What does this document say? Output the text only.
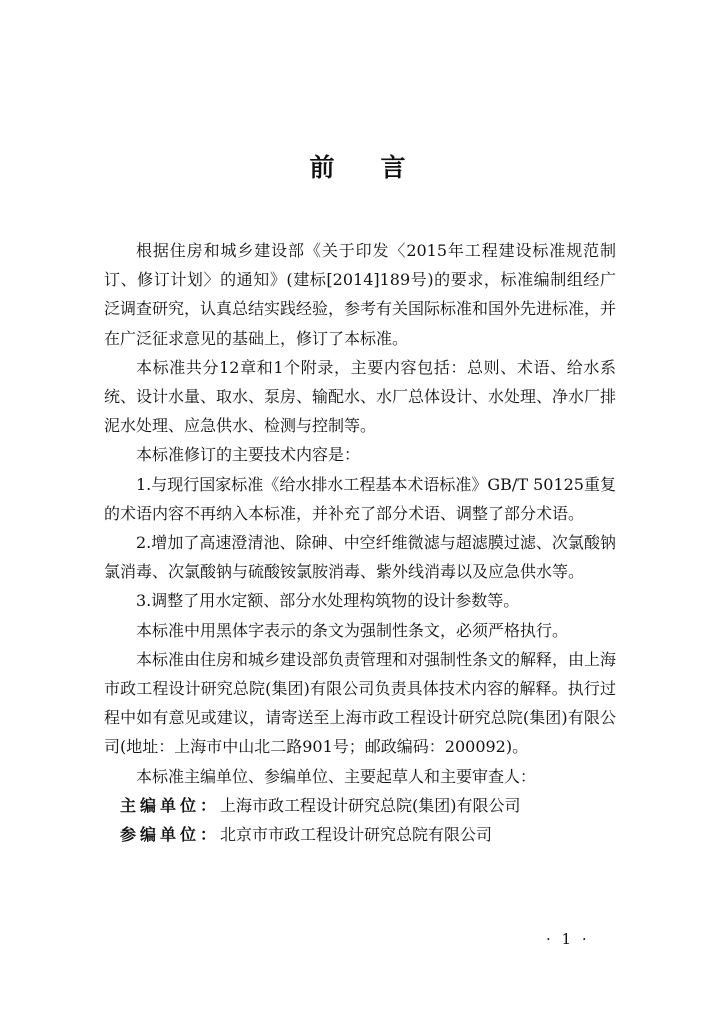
前 言

根据住房和城乡建设部《关于印发〈2015年工程建设标准规范制订、修订计划〉的通知》(建标[2014]189号)的要求，标准编制组经广泛调查研究，认真总结实践经验，参考有关国际标准和国外先进标准，并在广泛征求意见的基础上，修订了本标准。

本标准共分12章和1个附录，主要内容包括：总则、术语、给水系统、设计水量、取水、泵房、输配水、水厂总体设计、水处理、净水厂排泥水处理、应急供水、检测与控制等。

本标准修订的主要技术内容是：

1.与现行国家标准《给水排水工程基本术语标准》GB/T 50125重复的术语内容不再纳入本标准，并补充了部分术语、调整了部分术语。

2.增加了高速澄清池、除砷、中空纤维微滤与超滤膜过滤、次氯酸钠氯消毒、次氯酸钠与硫酸铵氯胺消毒、紫外线消毒以及应急供水等。

3.调整了用水定额、部分水处理构筑物的设计参数等。

本标准中用黑体字表示的条文为强制性条文，必须严格执行。

本标准由住房和城乡建设部负责管理和对强制性条文的解释，由上海市政工程设计研究总院(集团)有限公司负责具体技术内容的解释。执行过程中如有意见或建议，请寄送至上海市政工程设计研究总院(集团)有限公司(地址：上海市中山北二路901号；邮政编码：200092)。

本标准主编单位、参编单位、主要起草人和主要审查人：

主编单位：上海市政工程设计研究总院(集团)有限公司

参编单位：北京市市政工程设计研究总院有限公司

· 1 ·
